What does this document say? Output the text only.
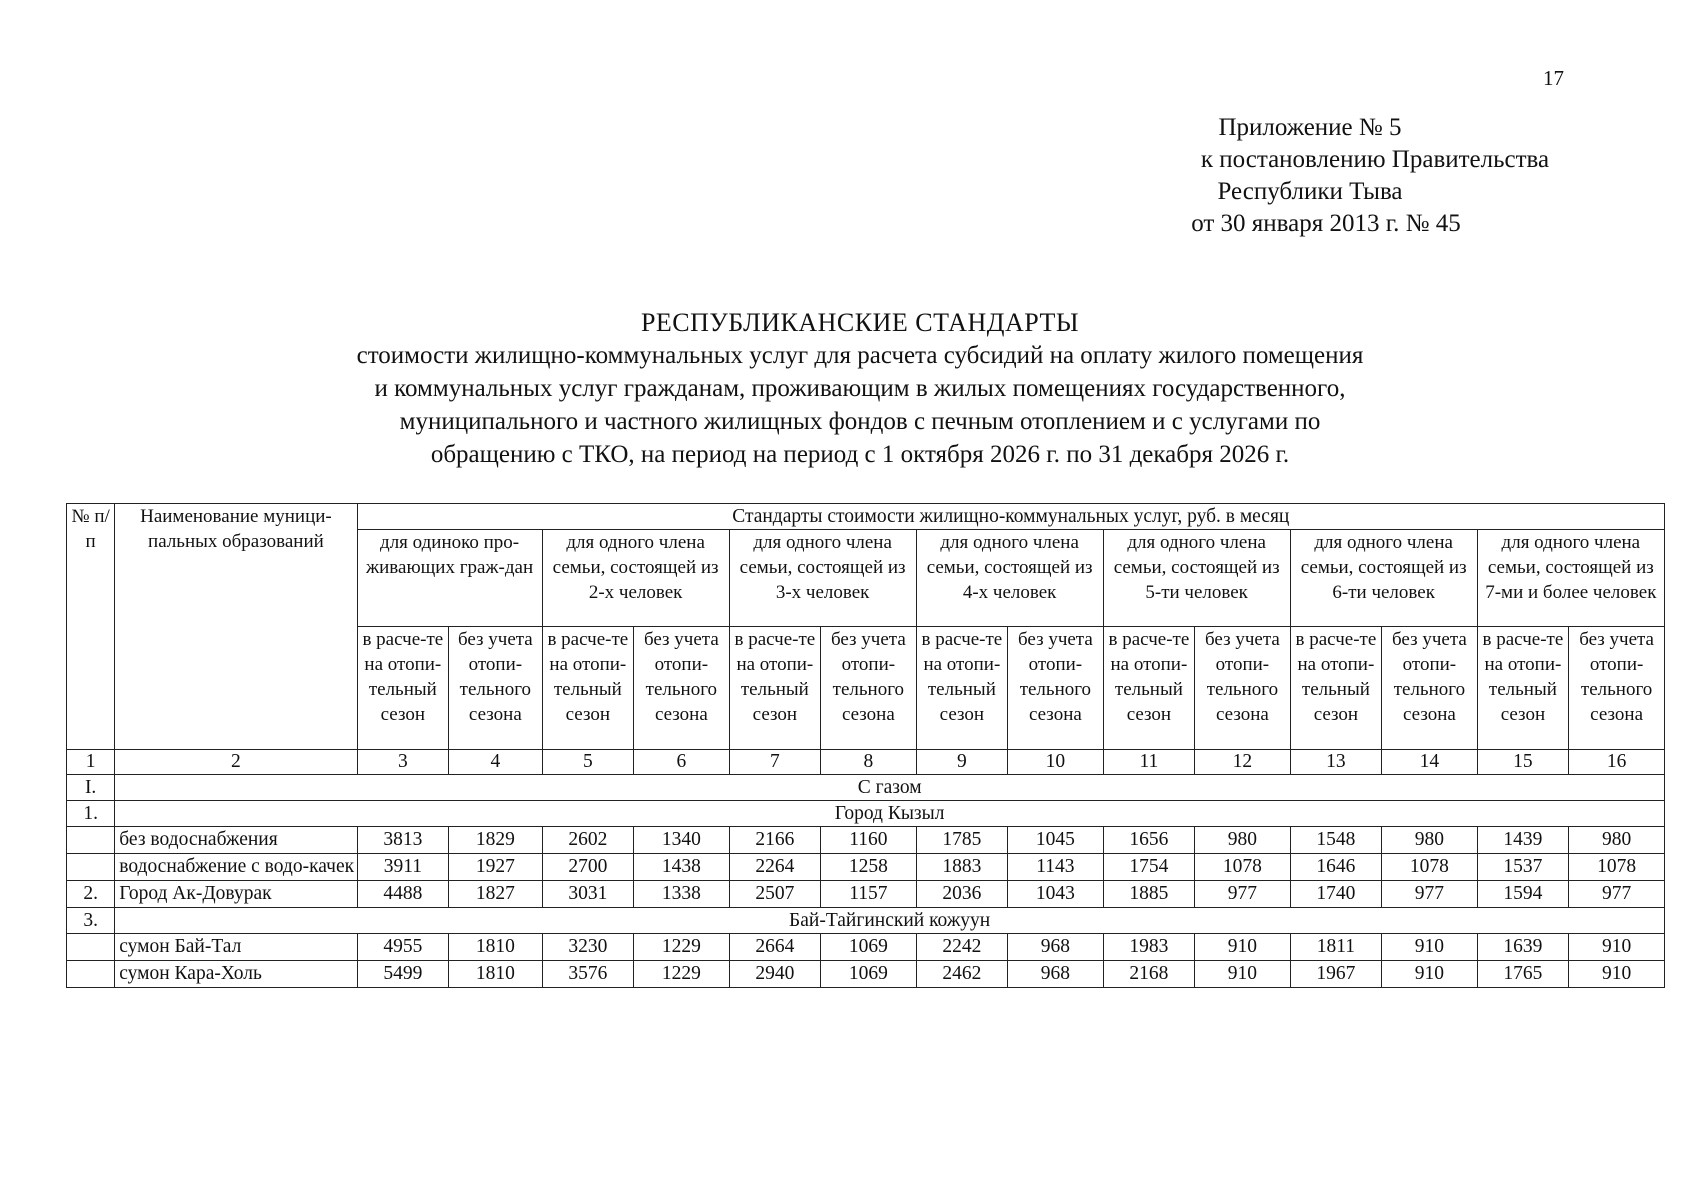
17
Приложение № 5
к постановлению Правительства
Республики Тыва
от 30 января 2013 г. № 45
РЕСПУБЛИКАНСКИЕ СТАНДАРТЫ
стоимости жилищно-коммунальных услуг для расчета субсидий на оплату жилого помещения
и коммунальных услуг гражданам, проживающим в жилых помещениях государственного,
муниципального и частного жилищных фондов с печным отоплением и с услугами по
обращению с ТКО, на период на период с 1 октября 2026 г. по 31 декабря 2026 г.
№ п/п	Наименование муници-пальных образований	Стандарты стоимости жилищно-коммунальных услуг, руб. в месяц													
		для одиноко про-живающих граж-дан		для одного члена семьи, состоящей из 2-х человек		для одного члена семьи, состоящей из 3-х человек		для одного члена семьи, состоящей из 4-х человек		для одного члена семьи, состоящей из 5-ти человек		для одного члена семьи, состоящей из 6-ти человек		для одного члена семьи, состоящей из 7-ми и более человек	
		в расче-те на отопи-тельный сезон	без учета отопи-тельного сезона	в расче-те на отопи-тельный сезон	без учета отопи-тельного сезона	в расче-те на отопи-тельный сезон	без учета отопи-тельного сезона	в расче-те на отопи-тельный сезон	без учета отопи-тельного сезона	в расче-те на отопи-тельный сезон	без учета отопи-тельного сезона	в расче-те на отопи-тельный сезон	без учета отопи-тельного сезона	в расче-те на отопи-тельный сезон	без учета отопи-тельного сезона
1	2	3	4	5	6	7	8	9	10	11	12	13	14	15	16
I.	С газом														
1.	Город Кызыл														
	без водоснабжения	3813	1829	2602	1340	2166	1160	1785	1045	1656	980	1548	980	1439	980
	водоснабжение с водо-качек	3911	1927	2700	1438	2264	1258	1883	1143	1754	1078	1646	1078	1537	1078
2.	Город Ак-Довурак	4488	1827	3031	1338	2507	1157	2036	1043	1885	977	1740	977	1594	977
3.	Бай-Тайгинский кожуун														
	сумон Бай-Тал	4955	1810	3230	1229	2664	1069	2242	968	1983	910	1811	910	1639	910
	сумон Кара-Холь	5499	1810	3576	1229	2940	1069	2462	968	2168	910	1967	910	1765	910
